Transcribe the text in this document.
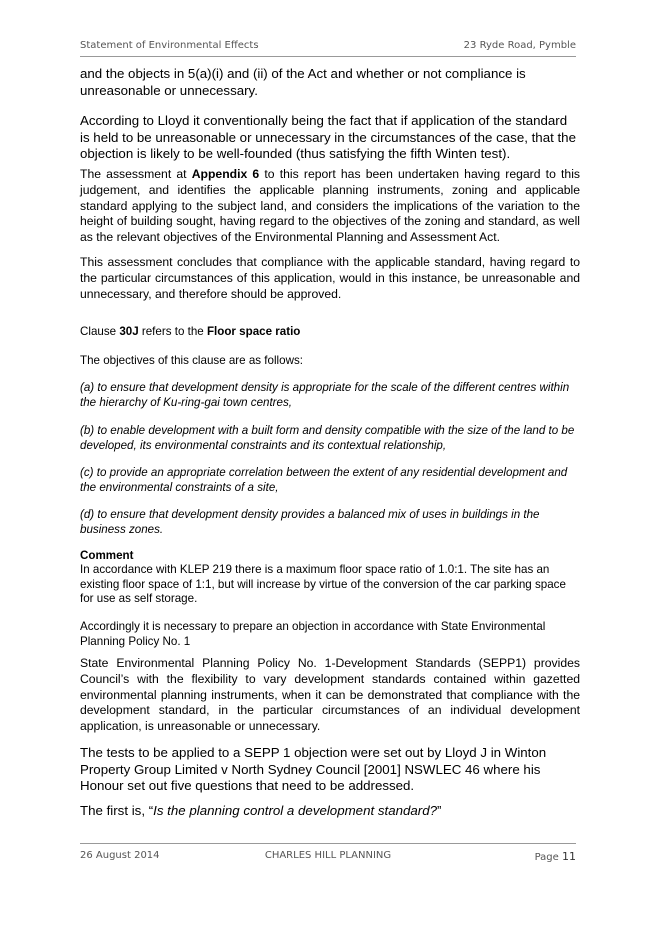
Statement of Environmental Effects	23 Ryde Road, Pymble

and the objects in 5(a)(i) and (ii) of the Act and whether or not compliance is unreasonable or unnecessary.

According to Lloyd it conventionally being the fact that if application of the standard is held to be unreasonable or unnecessary in the circumstances of the case, that the objection is likely to be well-founded (thus satisfying the fifth Winten test).

The assessment at Appendix 6 to this report has been undertaken having regard to this judgement, and identifies the applicable planning instruments, zoning and applicable standard applying to the subject land, and considers the implications of the variation to the height of building sought, having regard to the objectives of the zoning and standard, as well as the relevant objectives of the Environmental Planning and Assessment Act.

This assessment concludes that compliance with the applicable standard, having regard to the particular circumstances of this application, would in this instance, be unreasonable and unnecessary, and therefore should be approved.

Clause 30J refers to the Floor space ratio

The objectives of this clause are as follows:

(a) to ensure that development density is appropriate for the scale of the different centres within the hierarchy of Ku-ring-gai town centres,

(b) to enable development with a built form and density compatible with the size of the land to be developed, its environmental constraints and its contextual relationship,

(c) to provide an appropriate correlation between the extent of any residential development and the environmental constraints of a site,

(d) to ensure that development density provides a balanced mix of uses in buildings in the business zones.

Comment

In accordance with KLEP 219 there is a maximum floor space ratio of 1.0:1. The site has an existing floor space of 1:1, but will increase by virtue of the conversion of the car parking space for use as self storage.

Accordingly it is necessary to prepare an objection in accordance with State Environmental Planning Policy No. 1

State Environmental Planning Policy No. 1-Development Standards (SEPP1) provides Council’s with the flexibility to vary development standards contained within gazetted environmental planning instruments, when it can be demonstrated that compliance with the development standard, in the particular circumstances of an individual development application, is unreasonable or unnecessary.

The tests to be applied to a SEPP 1 objection were set out by Lloyd J in Winton Property Group Limited v North Sydney Council [2001] NSWLEC 46 where his Honour set out five questions that need to be addressed.

The first is, “Is the planning control a development standard?”

26 August 2014	CHARLES HILL PLANNING	Page 11
